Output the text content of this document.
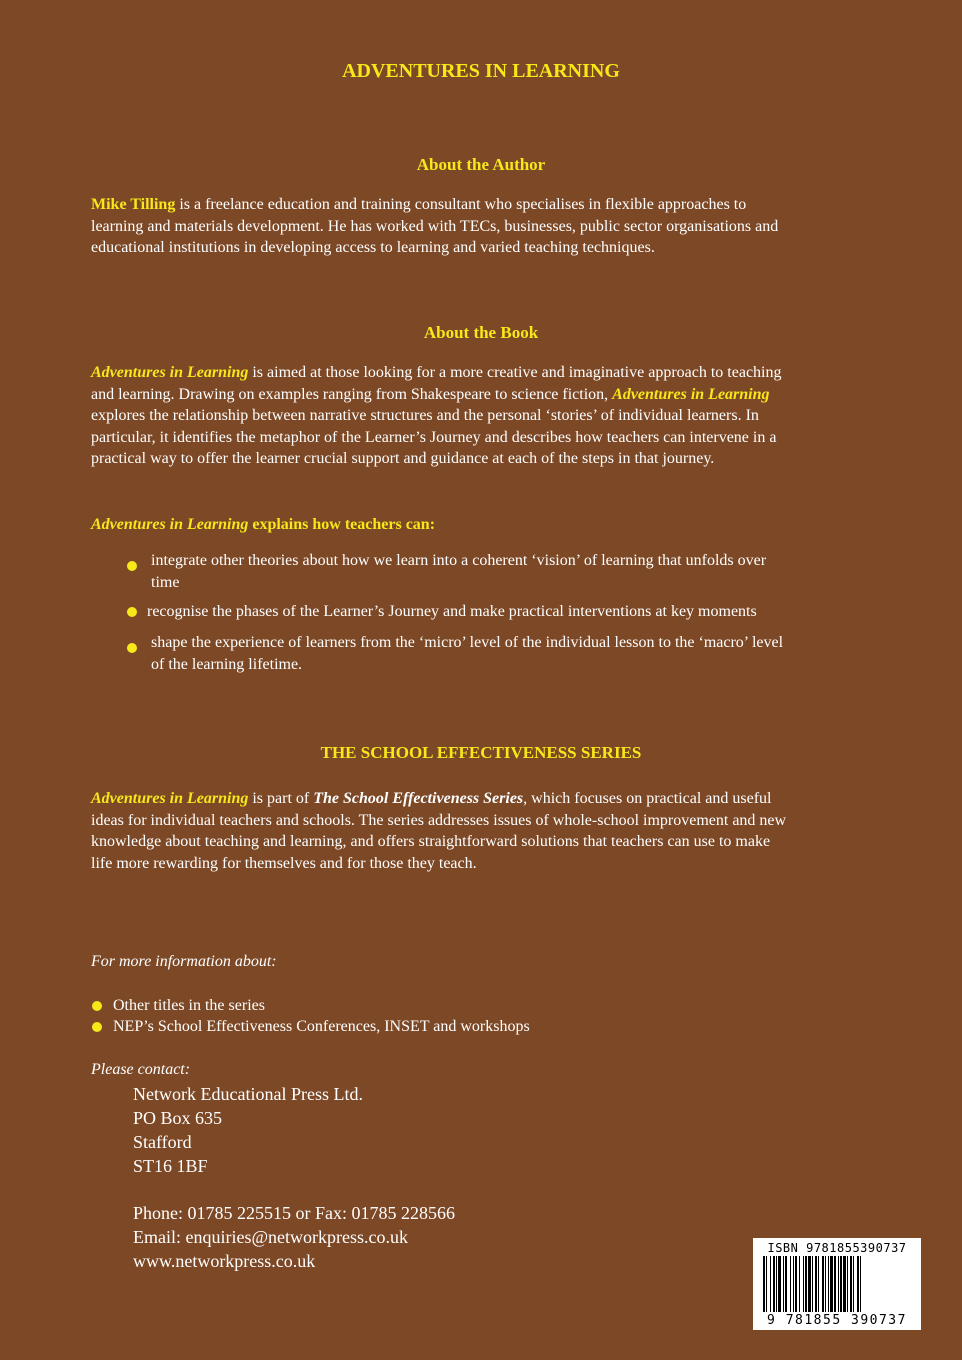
ADVENTURES IN LEARNING
About the Author
Mike Tilling is a freelance education and training consultant who specialises in flexible approaches to
learning and materials development. He has worked with TECs, businesses, public sector organisations and
educational institutions in developing access to learning and varied teaching techniques.
About the Book
Adventures in Learning is aimed at those looking for a more creative and imaginative approach to teaching
and learning. Drawing on examples ranging from Shakespeare to science fiction, Adventures in Learning
explores the relationship between narrative structures and the personal ‘stories’ of individual learners. In
particular, it identifies the metaphor of the Learner’s Journey and describes how teachers can intervene in a
practical way to offer the learner crucial support and guidance at each of the steps in that journey.
Adventures in Learning explains how teachers can:
integrate other theories about how we learn into a coherent ‘vision’ of learning that unfolds over
time
recognise the phases of the Learner’s Journey and make practical interventions at key moments
shape the experience of learners from the ‘micro’ level of the individual lesson to the ‘macro’ level
of the learning lifetime.
THE SCHOOL EFFECTIVENESS SERIES
Adventures in Learning is part of The School Effectiveness Series, which focuses on practical and useful
ideas for individual teachers and schools. The series addresses issues of whole-school improvement and new
knowledge about teaching and learning, and offers straightforward solutions that teachers can use to make
life more rewarding for themselves and for those they teach.
For more information about:
Other titles in the series
NEP’s School Effectiveness Conferences, INSET and workshops
Please contact:
Network Educational Press Ltd.
PO Box 635
Stafford
ST16 1BF
Phone: 01785 225515 or Fax: 01785 228566
Email: enquiries@networkpress.co.uk
www.networkpress.co.uk
ISBN 9781855390737
9 781855 390737
